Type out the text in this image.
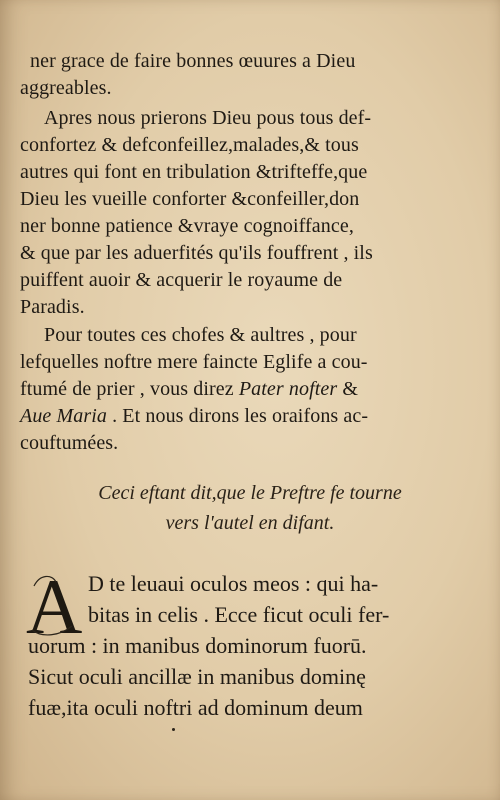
ner grace de faire bonnes œuures a Dieu
aggreables.
Apres nous prierons Dieu pous tous def-
confortez & defconfeillez,malades,& tous
autres qui font en tribulation &trifteffe,que
Dieu les vueille conforter &confeiller,don
ner bonne patience &vraye cognoiffance,
& que par les aduerfités qu'ils fouffrent , ils
puiffent auoir & acquerir le royaume de
Paradis.
Pour toutes ces chofes & aultres , pour
lefquelles noftre mere faincte Eglife a cou-
ftumé de prier , vous direz Pater nofter &
Aue Maria . Et nous dirons les oraifons ac-
couftumées.
Ceci eftant dit,que le Preftre fe tourne
vers l'autel en difant.
A D te leuaui oculos meos : qui ha-
bitas in celis . Ecce ficut oculi fer-
uorum : in manibus dominorum fuorū.
Sicut oculi ancillæ in manibus dominę
fuæ,ita oculi noftri ad dominum deum
